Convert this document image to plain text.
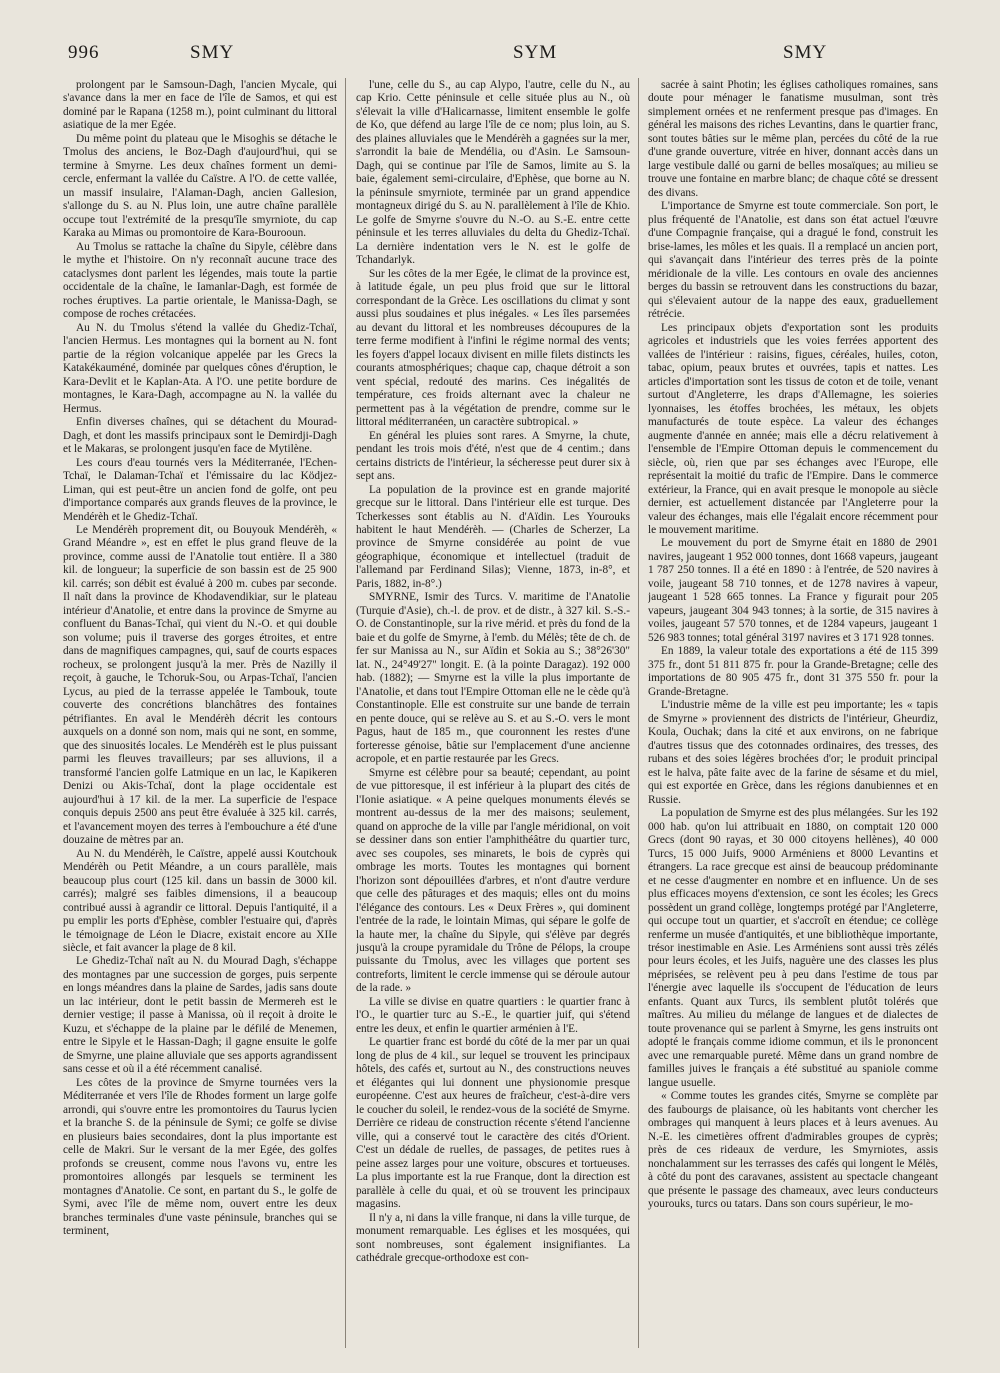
996	SMY	SYM	SMY

prolongent par le Samsoun-Dagh, l'ancien Mycale, qui s'avance dans la mer en face de l'île de Samos, et qui est dominé par le Rapana (1258 m.), point culminant du littoral asiatique de la mer Egée.

Du même point du plateau que le Misoghis se détache le Tmolus des anciens, le Boz-Dagh d'aujourd'hui, qui se termine à Smyrne. Les deux chaînes forment un demi-cercle, enfermant la vallée du Caïstre. A l'O. de cette vallée, un massif insulaire, l'Alaman-Dagh, ancien Gallesion, s'allonge du S. au N. Plus loin, une autre chaîne parallèle occupe tout l'extrémité de la presqu'île smyrniote, du cap Karaka au Mimas ou promontoire de Kara-Bourooun.

Au Tmolus se rattache la chaîne du Sipyle, célèbre dans le mythe et l'histoire. On n'y reconnaît aucune trace des cataclysmes dont parlent les légendes, mais toute la partie occidentale de la chaîne, le Iamanlar-Dagh, est formée de roches éruptives. La partie orientale, le Manissa-Dagh, se compose de roches crétacées.

Au N. du Tmolus s'étend la vallée du Ghediz-Tchaï, l'ancien Hermus. Les montagnes qui la bornent au N. font partie de la région volcanique appelée par les Grecs la Katakékauméné, dominée par quelques cônes d'éruption, le Kara-Devlit et le Kaplan-Ata. A l'O. une petite bordure de montagnes, le Kara-Dagh, accompagne au N. la vallée du Hermus.

Enfin diverses chaînes, qui se détachent du Mourad-Dagh, et dont les massifs principaux sont le Demirdji-Dagh et le Makaras, se prolongent jusqu'en face de Mytilène.

Les cours d'eau tournés vers la Méditerranée, l'Echen-Tchaï, le Dalaman-Tchaï et l'émissaire du lac Ködjez-Liman, qui est peut-être un ancien fond de golfe, ont peu d'importance comparés aux grands fleuves de la province, le Mendérèh et le Ghediz-Tchaï.

Le Mendérèh proprement dit, ou Bouyouk Mendérèh, « Grand Méandre », est en effet le plus grand fleuve de la province, comme aussi de l'Anatolie tout entière. Il a 380 kil. de longueur; la superficie de son bassin est de 25 900 kil. carrés; son débit est évalué à 200 m. cubes par seconde. Il naît dans la province de Khodavendikiar, sur le plateau intérieur d'Anatolie, et entre dans la province de Smyrne au confluent du Banas-Tchaï, qui vient du N.-O. et qui double son volume; puis il traverse des gorges étroites, et entre dans de magnifiques campagnes, qui, sauf de courts espaces rocheux, se prolongent jusqu'à la mer. Près de Nazilly il reçoit, à gauche, le Tchoruk-Sou, ou Arpas-Tchaï, l'ancien Lycus, au pied de la terrasse appelée le Tambouk, toute couverte des concrétions blanchâtres des fontaines pétrifiantes. En aval le Mendérèh décrit les contours auxquels on a donné son nom, mais qui ne sont, en somme, que des sinuosités locales. Le Mendérèh est le plus puissant parmi les fleuves travailleurs; par ses alluvions, il a transformé l'ancien golfe Latmique en un lac, le Kapikeren Denizi ou Akis-Tchaï, dont la plage occidentale est aujourd'hui à 17 kil. de la mer. La superficie de l'espace conquis depuis 2500 ans peut être évaluée à 325 kil. carrés, et l'avancement moyen des terres à l'embouchure a été d'une douzaine de mètres par an.

Au N. du Mendérèh, le Caïstre, appelé aussi Koutchouk Mendérèh ou Petit Méandre, a un cours parallèle, mais beaucoup plus court (125 kil. dans un bassin de 3000 kil. carrés); malgré ses faibles dimensions, il a beaucoup contribué aussi à agrandir ce littoral. Depuis l'antiquité, il a pu emplir les ports d'Ephèse, combler l'estuaire qui, d'après le témoignage de Léon le Diacre, existait encore au XIIe siècle, et fait avancer la plage de 8 kil.

Le Ghediz-Tchaï naît au N. du Mourad Dagh, s'échappe des montagnes par une succession de gorges, puis serpente en longs méandres dans la plaine de Sardes, jadis sans doute un lac intérieur, dont le petit bassin de Mermereh est le dernier vestige; il passe à Manissa, où il reçoit à droite le Kuzu, et s'échappe de la plaine par le défilé de Menemen, entre le Sipyle et le Hassan-Dagh; il gagne ensuite le golfe de Smyrne, une plaine alluviale que ses apports agrandissent sans cesse et où il a été récemment canalisé.

Les côtes de la province de Smyrne tournées vers la Méditerranée et vers l'île de Rhodes forment un large golfe arrondi, qui s'ouvre entre les promontoires du Taurus lycien et la branche S. de la péninsule de Symi; ce golfe se divise en plusieurs baies secondaires, dont la plus importante est celle de Makri. Sur le versant de la mer Egée, des golfes profonds se creusent, comme nous l'avons vu, entre les promontoires allongés par lesquels se terminent les montagnes d'Anatolie. Ce sont, en partant du S., le golfe de Symi, avec l'île de même nom, ouvert entre les deux branches terminales d'une vaste péninsule, branches qui se terminent,

l'une, celle du S., au cap Alypo, l'autre, celle du N., au cap Krio. Cette péninsule et celle située plus au N., où s'élevait la ville d'Halicarnasse, limitent ensemble le golfe de Ko, que défend au large l'île de ce nom; plus loin, au S. des plaines alluviales que le Mendérèh a gagnées sur la mer, s'arrondit la baie de Mendélia, ou d'Asin. Le Samsoun-Dagh, qui se continue par l'île de Samos, limite au S. la baie, également semi-circulaire, d'Ephèse, que borne au N. la péninsule smyrniote, terminée par un grand appendice montagneux dirigé du S. au N. parallèlement à l'île de Khio. Le golfe de Smyrne s'ouvre du N.-O. au S.-E. entre cette péninsule et les terres alluviales du delta du Ghediz-Tchaï. La dernière indentation vers le N. est le golfe de Tchandarlyk.

Sur les côtes de la mer Egée, le climat de la province est, à latitude égale, un peu plus froid que sur le littoral correspondant de la Grèce. Les oscillations du climat y sont aussi plus soudaines et plus inégales. « Les îles parsemées au devant du littoral et les nombreuses découpures de la terre ferme modifient à l'infini le régime normal des vents; les foyers d'appel locaux divisent en mille filets distincts les courants atmosphériques; chaque cap, chaque détroit a son vent spécial, redouté des marins. Ces inégalités de température, ces froids alternant avec la chaleur ne permettent pas à la végétation de prendre, comme sur le littoral méditerranéen, un caractère subtropical. »

En général les pluies sont rares. A Smyrne, la chute, pendant les trois mois d'été, n'est que de 4 centim.; dans certains districts de l'intérieur, la sécheresse peut durer six à sept ans.

La population de la province est en grande majorité grecque sur le littoral. Dans l'intérieur elle est turque. Des Tcherkesses sont établis au N. d'Aïdin. Les Yourouks habitent le haut Mendérèh. — (Charles de Scherzer, La province de Smyrne considérée au point de vue géographique, économique et intellectuel (traduit de l'allemand par Ferdinand Silas); Vienne, 1873, in-8°, et Paris, 1882, in-8°.)

SMYRNE, Ismir des Turcs. V. maritime de l'Anatolie (Turquie d'Asie), ch.-l. de prov. et de distr., à 327 kil. S.-S.-O. de Constantinople, sur la rive mérid. et près du fond de la baie et du golfe de Smyrne, à l'emb. du Mélès; tête de ch. de fer sur Manissa au N., sur Aïdin et Sokia au S.; 38°26'30" lat. N., 24°49'27" longit. E. (à la pointe Daragaz). 192 000 hab. (1882); — Smyrne est la ville la plus importante de l'Anatolie, et dans tout l'Empire Ottoman elle ne le cède qu'à Constantinople. Elle est construite sur une bande de terrain en pente douce, qui se relève au S. et au S.-O. vers le mont Pagus, haut de 185 m., que couronnent les restes d'une forteresse génoise, bâtie sur l'emplacement d'une ancienne acropole, et en partie restaurée par les Grecs.

Smyrne est célèbre pour sa beauté; cependant, au point de vue pittoresque, il est inférieur à la plupart des cités de l'Ionie asiatique. « A peine quelques monuments élevés se montrent au-dessus de la mer des maisons; seulement, quand on approche de la ville par l'angle méridional, on voit se dessiner dans son entier l'amphithéâtre du quartier turc, avec ses coupoles, ses minarets, le bois de cyprès qui ombrage les morts. Toutes les montagnes qui bornent l'horizon sont dépouillées d'arbres, et n'ont d'autre verdure que celle des pâturages et des maquis; elles ont du moins l'élégance des contours. Les « Deux Frères », qui dominent l'entrée de la rade, le lointain Mimas, qui sépare le golfe de la haute mer, la chaîne du Sipyle, qui s'élève par degrés jusqu'à la croupe pyramidale du Trône de Pélops, la croupe puissante du Tmolus, avec les villages que portent ses contreforts, limitent le cercle immense qui se déroule autour de la rade. »

La ville se divise en quatre quartiers : le quartier franc à l'O., le quartier turc au S.-E., le quartier juif, qui s'étend entre les deux, et enfin le quartier arménien à l'E.

Le quartier franc est bordé du côté de la mer par un quai long de plus de 4 kil., sur lequel se trouvent les principaux hôtels, des cafés et, surtout au N., des constructions neuves et élégantes qui lui donnent une physionomie presque européenne. C'est aux heures de fraîcheur, c'est-à-dire vers le coucher du soleil, le rendez-vous de la société de Smyrne. Derrière ce rideau de construction récente s'étend l'ancienne ville, qui a conservé tout le caractère des cités d'Orient. C'est un dédale de ruelles, de passages, de petites rues à peine assez larges pour une voiture, obscures et tortueuses. La plus importante est la rue Franque, dont la direction est parallèle à celle du quai, et où se trouvent les principaux magasins.

Il n'y a, ni dans la ville franque, ni dans la ville turque, de monument remarquable. Les églises et les mosquées, qui sont nombreuses, sont également insignifiantes. La cathédrale grecque-orthodoxe est con-

sacrée à saint Photin; les églises catholiques romaines, sans doute pour ménager le fanatisme musulman, sont très simplement ornées et ne renferment presque pas d'images. En général les maisons des riches Levantins, dans le quartier franc, sont toutes bâties sur le même plan, percées du côté de la rue d'une grande ouverture, vitrée en hiver, donnant accès dans un large vestibule dallé ou garni de belles mosaïques; au milieu se trouve une fontaine en marbre blanc; de chaque côté se dressent des divans.

L'importance de Smyrne est toute commerciale. Son port, le plus fréquenté de l'Anatolie, est dans son état actuel l'œuvre d'une Compagnie française, qui a dragué le fond, construit les brise-lames, les môles et les quais. Il a remplacé un ancien port, qui s'avançait dans l'intérieur des terres près de la pointe méridionale de la ville. Les contours en ovale des anciennes berges du bassin se retrouvent dans les constructions du bazar, qui s'élevaient autour de la nappe des eaux, graduellement rétrécie.

Les principaux objets d'exportation sont les produits agricoles et industriels que les voies ferrées apportent des vallées de l'intérieur : raisins, figues, céréales, huiles, coton, tabac, opium, peaux brutes et ouvrées, tapis et nattes. Les articles d'importation sont les tissus de coton et de toile, venant surtout d'Angleterre, les draps d'Allemagne, les soieries lyonnaises, les étoffes brochées, les métaux, les objets manufacturés de toute espèce. La valeur des échanges augmente d'année en année; mais elle a décru relativement à l'ensemble de l'Empire Ottoman depuis le commencement du siècle, où, rien que par ses échanges avec l'Europe, elle représentait la moitié du trafic de l'Empire. Dans le commerce extérieur, la France, qui en avait presque le monopole au siècle dernier, est actuellement distancée par l'Angleterre pour la valeur des échanges, mais elle l'égalait encore récemment pour le mouvement maritime.

Le mouvement du port de Smyrne était en 1880 de 2901 navires, jaugeant 1 952 000 tonnes, dont 1668 vapeurs, jaugeant 1 787 250 tonnes. Il a été en 1890 : à l'entrée, de 520 navires à voile, jaugeant 58 710 tonnes, et de 1278 navires à vapeur, jaugeant 1 528 665 tonnes. La France y figurait pour 205 vapeurs, jaugeant 304 943 tonnes; à la sortie, de 315 navires à voiles, jaugeant 57 570 tonnes, et de 1284 vapeurs, jaugeant 1 526 983 tonnes; total général 3197 navires et 3 171 928 tonnes.

En 1889, la valeur totale des exportations a été de 115 399 375 fr., dont 51 811 875 fr. pour la Grande-Bretagne; celle des importations de 80 905 475 fr., dont 31 375 550 fr. pour la Grande-Bretagne.

L'industrie même de la ville est peu importante; les « tapis de Smyrne » proviennent des districts de l'intérieur, Gheurdiz, Koula, Ouchak; dans la cité et aux environs, on ne fabrique d'autres tissus que des cotonnades ordinaires, des tresses, des rubans et des soies légères brochées d'or; le produit principal est le halva, pâte faite avec de la farine de sésame et du miel, qui est exportée en Grèce, dans les régions danubiennes et en Russie.

La population de Smyrne est des plus mélangées. Sur les 192 000 hab. qu'on lui attribuait en 1880, on comptait 120 000 Grecs (dont 90 rayas, et 30 000 citoyens hellènes), 40 000 Turcs, 15 000 Juifs, 9000 Arméniens et 8000 Levantins et étrangers. La race grecque est ainsi de beaucoup prédominante et ne cesse d'augmenter en nombre et en influence. Un de ses plus efficaces moyens d'extension, ce sont les écoles; les Grecs possèdent un grand collège, longtemps protégé par l'Angleterre, qui occupe tout un quartier, et s'accroît en étendue; ce collège renferme un musée d'antiquités, et une bibliothèque importante, trésor inestimable en Asie. Les Arméniens sont aussi très zélés pour leurs écoles, et les Juifs, naguère une des classes les plus méprisées, se relèvent peu à peu dans l'estime de tous par l'énergie avec laquelle ils s'occupent de l'éducation de leurs enfants. Quant aux Turcs, ils semblent plutôt tolérés que maîtres. Au milieu du mélange de langues et de dialectes de toute provenance qui se parlent à Smyrne, les gens instruits ont adopté le français comme idiome commun, et ils le prononcent avec une remarquable pureté. Même dans un grand nombre de familles juives le français a été substitué au spaniole comme langue usuelle.

« Comme toutes les grandes cités, Smyrne se complète par des faubourgs de plaisance, où les habitants vont chercher les ombrages qui manquent à leurs places et à leurs avenues. Au N.-E. les cimetières offrent d'admirables groupes de cyprès; près de ces rideaux de verdure, les Smyrniotes, assis nonchalamment sur les terrasses des cafés qui longent le Mélès, à côté du pont des caravanes, assistent au spectacle changeant que présente le passage des chameaux, avec leurs conducteurs yourouks, turcs ou tatars. Dans son cours supérieur, le mo-
